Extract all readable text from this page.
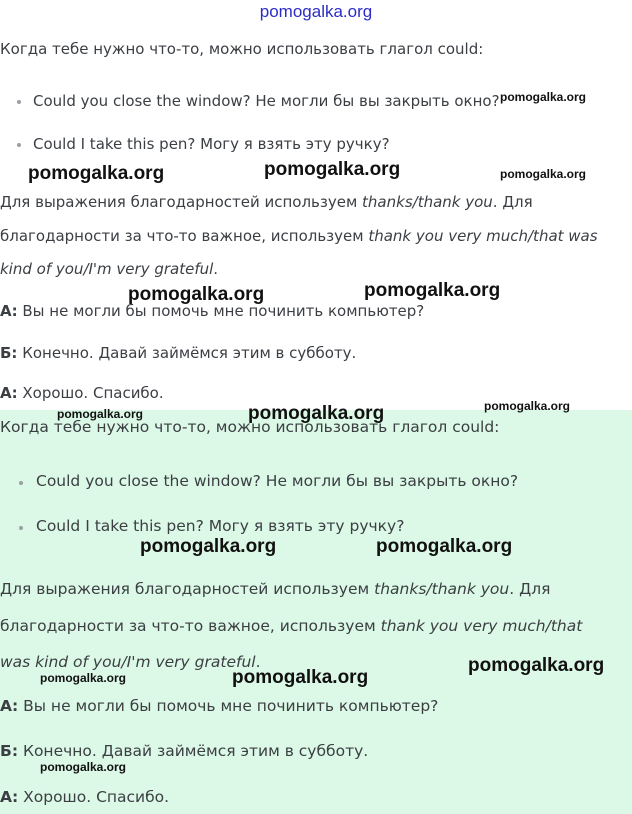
pomogalka.org
Когда тебе нужно что-то, можно использовать глагол could:
Could you close the window? Не могли бы вы закрыть окно?
Could I take this pen? Могу я взять эту ручку?
Для выражения благодарностей используем thanks/thank you. Для
благодарности за что-то важное, используем thank you very much/that was
kind of you/I'm very grateful.
А: Вы не могли бы помочь мне починить компьютер?
Б: Конечно. Давай займёмся этим в субботу.
А: Хорошо. Спасибо.
Когда тебе нужно что-то, можно использовать глагол could:
Could you close the window? Не могли бы вы закрыть окно?
Could I take this pen? Могу я взять эту ручку?
Для выражения благодарностей используем thanks/thank you. Для
благодарности за что-то важное, используем thank you very much/that
was kind of you/I'm very grateful.
А: Вы не могли бы помочь мне починить компьютер?
Б: Конечно. Давай займёмся этим в субботу.
А: Хорошо. Спасибо.
pomogalka.org
pomogalka.org	pomogalka.org	pomogalka.org
pomogalka.org	pomogalka.org
pomogalka.org
pomogalka.org	pomogalka.org
pomogalka.org	pomogalka.org
pomogalka.org
pomogalka.org	pomogalka.org
pomogalka.org
